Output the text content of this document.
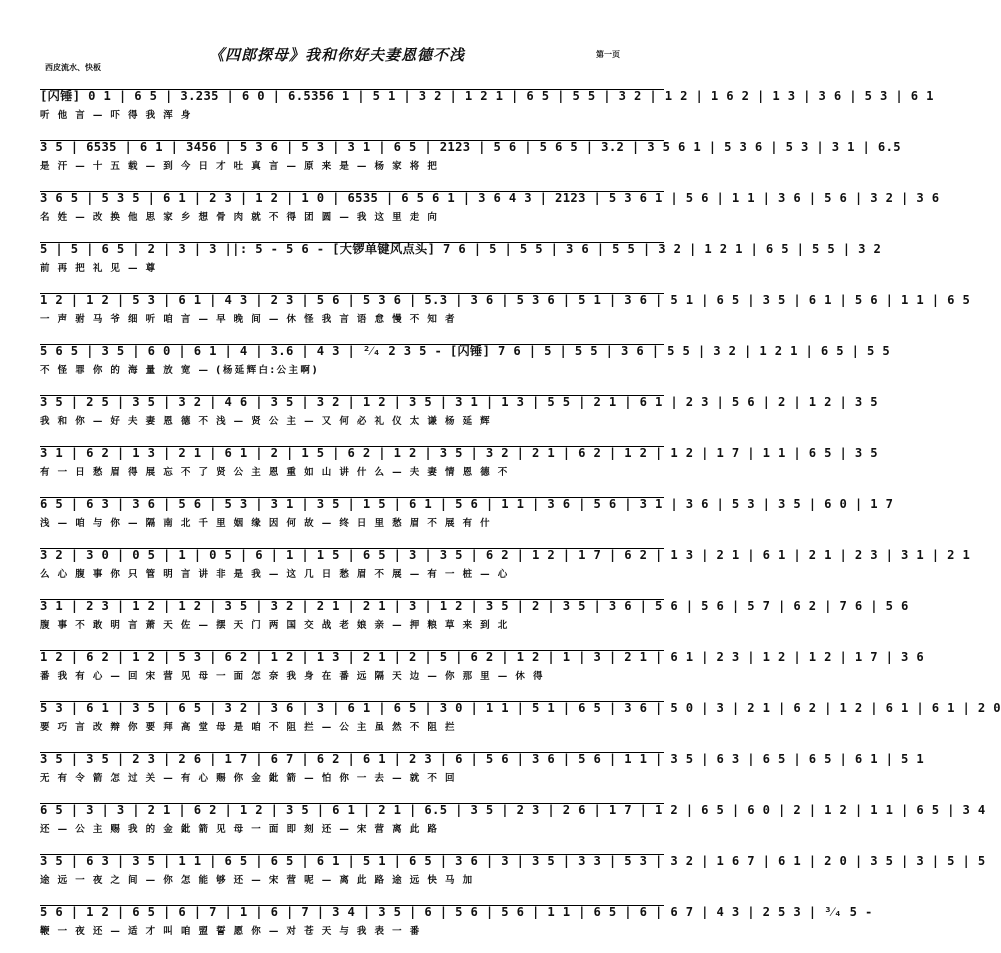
西皮流水、快板
《四郎探母》我和你好夫妻恩德不浅	第一页
[闪锤] 0 1 | 6 5 | 3.235 | 6 0 | 6.5356 1 | 5 1 | 3 2 | 1 2 1 | 6 5 | 5 5 | 3 2 | 1 2 | 1 6 2 | 1 3 | 3 6 | 5 3 | 6 1
听 他 言 — 吓 得 我 浑 身
3 5 | 6535 | 6 1 | 3456 | 5 3 6 | 5 3 | 3 1 | 6 5 | 2123 | 5 6 | 5 6 5 | 3.2 | 3 5 6 1 | 5 3 6 | 5 3 | 3 1 | 6.5
是 汗 — 十 五 载 — 到 今 日 才 吐 真 言 — 原 来 是 — 杨 家 将 把
3 6 5 | 5 3 5 | 6 1 | 2 3 | 1 2 | 1 0 | 6535 | 6 5 6 1 | 3 6 4 3 | 2123 | 5 3 6 1 | 5 6 | 1 1 | 3 6 | 5 6 | 3 2 | 3 6
名 姓 — 改 换 他 思 家 乡 想 骨 肉 就 不 得 团 圆 — 我 这 里 走 向
5 | 5 | 6 5 | 2 | 3 | 3 ||: 5 - 5 6 - [大锣单键风点头] 7 6 | 5 | 5 5 | 3 6 | 5 5 | 3 2 | 1 2 1 | 6 5 | 5 5 | 3 2
前 再 把 礼 见 — 尊
1 2 | 1 2 | 5 3 | 6 1 | 4 3 | 2 3 | 5 6 | 5 3 6 | 5.3 | 3 6 | 5 3 6 | 5 1 | 3 6 | 5 1 | 6 5 | 3 5 | 6 1 | 5 6 | 1 1 | 6 5
一 声 驸 马 爷 细 听 咱 言 — 早 晚 间 — 休 怪 我 言 语 怠 慢 不 知 者
5 6 5 | 3 5 | 6 0 | 6 1 | 4 | 3.6 | 4 3 | ²⁄₄ 2 3 5 - [闪锤] 7 6 | 5 | 5 5 | 3 6 | 5 5 | 3 2 | 1 2 1 | 6 5 | 5 5
不 怪 罪 你 的 海 量 放 宽 — (杨延辉白:公主啊)
3 5 | 2 5 | 3 5 | 3 2 | 4 6 | 3 5 | 3 2 | 1 2 | 3 5 | 3 1 | 1 3 | 5 5 | 2 1 | 6 1 | 2 3 | 5 6 | 2 | 1 2 | 3 5
我 和 你 — 好 夫 妻 恩 德 不 浅 — 贤 公 主 — 又 何 必 礼 仪 太 谦 杨 延 辉
3 1 | 6 2 | 1 3 | 2 1 | 6 1 | 2 | 1 5 | 6 2 | 1 2 | 3 5 | 3 2 | 2 1 | 6 2 | 1 2 | 1 2 | 1 7 | 1 1 | 6 5 | 3 5
有 一 日 愁 眉 得 展 忘 不 了 贤 公 主 恩 重 如 山 讲 什 么 — 夫 妻 情 恩 德 不
6 5 | 6 3 | 3 6 | 5 6 | 5 3 | 3 1 | 3 5 | 1 5 | 6 1 | 5 6 | 1 1 | 3 6 | 5 6 | 3 1 | 3 6 | 5 3 | 3 5 | 6 0 | 1 7
浅 — 咱 与 你 — 隔 南 北 千 里 姻 缘 因 何 故 — 终 日 里 愁 眉 不 展 有 什
3 2 | 3 0 | 0 5 | 1 | 0 5 | 6 | 1 | 1 5 | 6 5 | 3 | 3 5 | 6 2 | 1 2 | 1 7 | 6 2 | 1 3 | 2 1 | 6 1 | 2 1 | 2 3 | 3 1 | 2 1
么 心 腹 事 你 只 管 明 言 讲 非 是 我 — 这 几 日 愁 眉 不 展 — 有 一 桩 — 心
3 1 | 2 3 | 1 2 | 1 2 | 3 5 | 3 2 | 2 1 | 2 1 | 3 | 1 2 | 3 5 | 2 | 3 5 | 3 6 | 5 6 | 5 6 | 5 7 | 6 2 | 7 6 | 5 6
腹 事 不 敢 明 言 萧 天 佐 — 摆 天 门 两 国 交 战 老 娘 亲 — 押 粮 草 来 到 北
1 2 | 6 2 | 1 2 | 5 3 | 6 2 | 1 2 | 1 3 | 2 1 | 2 | 5 | 6 2 | 1 2 | 1 | 3 | 2 1 | 6 1 | 2 3 | 1 2 | 1 2 | 1 7 | 3 6
番 我 有 心 — 回 宋 营 见 母 一 面 怎 奈 我 身 在 番 远 隔 天 边 — 你 那 里 — 休 得
5 3 | 6 1 | 3 5 | 6 5 | 3 2 | 3 6 | 3 | 6 1 | 6 5 | 3 0 | 1 1 | 5 1 | 6 5 | 3 6 | 5 0 | 3 | 2 1 | 6 2 | 1 2 | 6 1 | 6 1 | 2 0
要 巧 言 改 辩 你 要 拜 高 堂 母 是 咱 不 阻 拦 — 公 主 虽 然 不 阻 拦
3 5 | 3 5 | 2 3 | 2 6 | 1 7 | 6 7 | 6 2 | 6 1 | 2 3 | 6 | 5 6 | 3 6 | 5 6 | 1 1 | 3 5 | 6 3 | 6 5 | 6 5 | 6 1 | 5 1
无 有 令 箭 怎 过 关 — 有 心 赐 你 金 鈚 箭 — 怕 你 一 去 — 就 不 回
6 5 | 3 | 3 | 2 1 | 6 2 | 1 2 | 3 5 | 6 1 | 2 1 | 6.5 | 3 5 | 2 3 | 2 6 | 1 7 | 1 2 | 6 5 | 6 0 | 2 | 1 2 | 1 1 | 6 5 | 3 4
还 — 公 主 赐 我 的 金 鈚 箭 见 母 一 面 即 刻 还 — 宋 营 离 此 路
3 5 | 6 3 | 3 5 | 1 1 | 6 5 | 6 5 | 6 1 | 5 1 | 6 5 | 3 6 | 3 | 3 5 | 3 3 | 5 3 | 3 2 | 1 6 7 | 6 1 | 2 0 | 3 5 | 3 | 5 | 5
途 远 一 夜 之 间 — 你 怎 能 够 还 — 宋 营 呢 — 离 此 路 途 远 快 马 加
5 6 | 1 2 | 6 5 | 6 | 7 | 1 | 6 | 7 | 3 4 | 3 5 | 6 | 5 6 | 5 6 | 1 1 | 6 5 | 6 | 6 7 | 4 3 | 2 5 3 | ³⁄₄ 5 -
鞭 一 夜 还 — 适 才 叫 咱 盟 誓 愿 你 — 对 苍 天 与 我 表 一 番
